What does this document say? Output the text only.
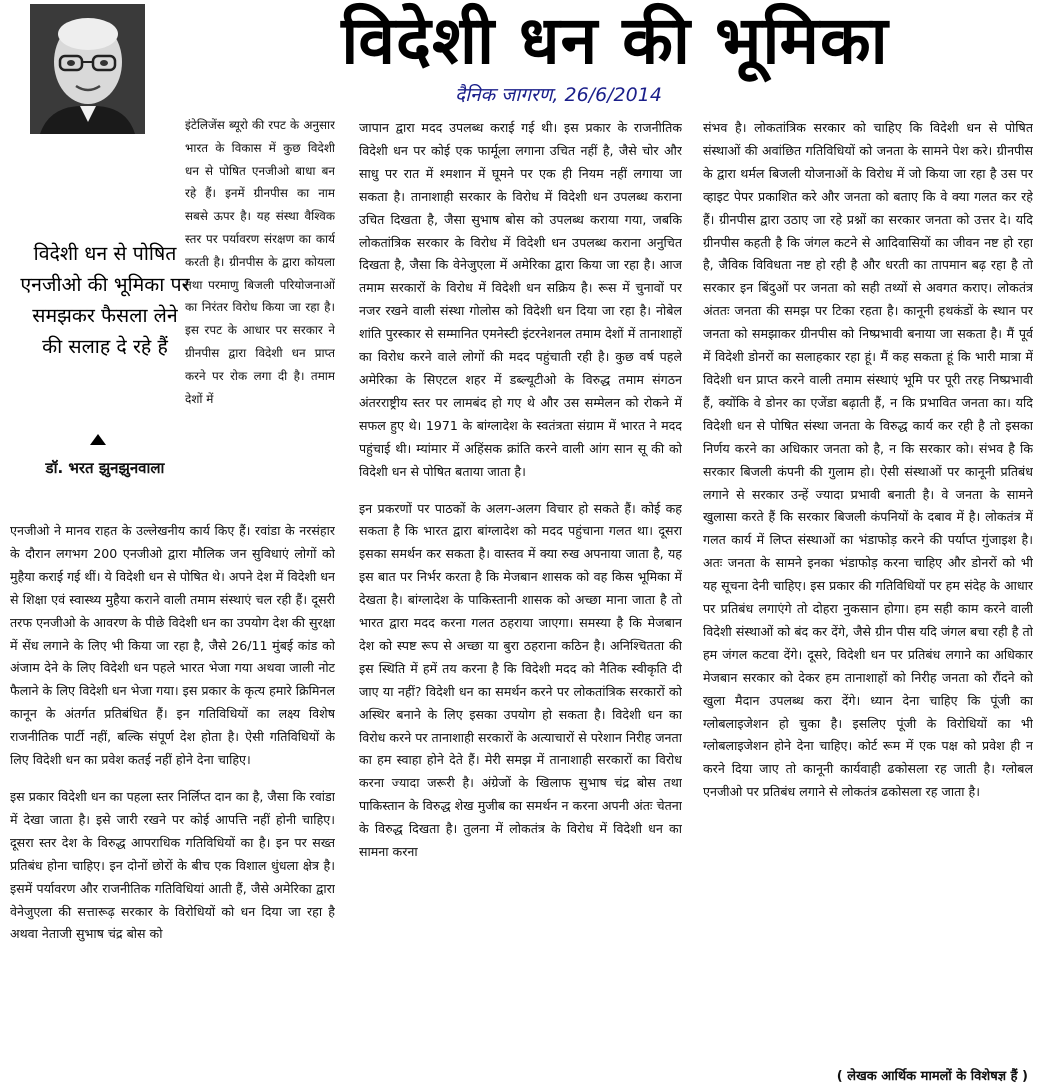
विदेशी धन की भूमिका
दैनिक जागरण, 26/6/2014
विदेशी धन से पोषित एनजीओ की भूमिका पर समझकर फैसला लेने की सलाह दे रहे हैं
डॉ. भरत झुनझुनवाला

इंटेलिजेंस ब्यूरो की रपट के अनुसार भारत के विकास में कुछ विदेशी धन से पोषित एनजीओ बाधा बन रहे हैं। इनमें ग्रीनपीस का नाम सबसे ऊपर है। यह संस्था वैश्विक स्तर पर पर्यावरण संरक्षण का कार्य करती है। ग्रीनपीस के द्वारा कोयला तथा परमाणु बिजली परियोजनाओं का निरंतर विरोध किया जा रहा है। इस रपट के आधार पर सरकार ने ग्रीनपीस द्वारा विदेशी धन प्राप्त करने पर रोक लगा दी है। तमाम देशों में

एनजीओ ने मानव राहत के उल्लेखनीय कार्य किए हैं। रवांडा के नरसंहार के दौरान लगभग 200 एनजीओ द्वारा मौलिक जन सुविधाएं लोगों को मुहैया कराई गई थीं। ये विदेशी धन से पोषित थे। अपने देश में विदेशी धन से शिक्षा एवं स्वास्थ्य मुहैया कराने वाली तमाम संस्थाएं चल रही हैं। दूसरी तरफ एनजीओ के आवरण के पीछे विदेशी धन का उपयोग देश की सुरक्षा में सेंध लगाने के लिए भी किया जा रहा है, जैसे 26/11 मुंबई कांड को अंजाम देने के लिए विदेशी धन पहले भारत भेजा गया अथवा जाली नोट फैलाने के लिए विदेशी धन भेजा गया। इस प्रकार के कृत्य हमारे क्रिमिनल कानून के अंतर्गत प्रतिबंधित हैं। इन गतिविधियों का लक्ष्य विशेष राजनीतिक पार्टी नहीं, बल्कि संपूर्ण देश होता है। ऐसी गतिविधियों के लिए विदेशी धन का प्रवेश कतई नहीं होने देना चाहिए।

इस प्रकार विदेशी धन का पहला स्तर निर्लिप्त दान का है, जैसा कि रवांडा में देखा जाता है। इसे जारी रखने पर कोई आपत्ति नहीं होनी चाहिए। दूसरा स्तर देश के विरुद्ध आपराधिक गतिविधियों का है। इन पर सख्त प्रतिबंध होना चाहिए। इन दोनों छोरों के बीच एक विशाल धुंधला क्षेत्र है। इसमें पर्यावरण और राजनीतिक गतिविधियां आती हैं, जैसे अमेरिका द्वारा वेनेजुएला की सत्तारूढ़ सरकार के विरोधियों को धन दिया जा रहा है अथवा नेताजी सुभाष चंद्र बोस को

जापान द्वारा मदद उपलब्ध कराई गई थी। इस प्रकार के राजनीतिक विदेशी धन पर कोई एक फार्मूला लगाना उचित नहीं है, जैसे चोर और साधु पर रात में श्मशान में घूमने पर एक ही नियम नहीं लगाया जा सकता है। तानाशाही सरकार के विरोध में विदेशी धन उपलब्ध कराना उचित दिखता है, जैसा सुभाष बोस को उपलब्ध कराया गया, जबकि लोकतांत्रिक सरकार के विरोध में विदेशी धन उपलब्ध कराना अनुचित दिखता है, जैसा कि वेनेजुएला में अमेरिका द्वारा किया जा रहा है। आज तमाम सरकारों के विरोध में विदेशी धन सक्रिय है। रूस में चुनावों पर नजर रखने वाली संस्था गोलोस को विदेशी धन दिया जा रहा है। नोबेल शांति पुरस्कार से सम्मानित एमनेस्टी इंटरनेशनल तमाम देशों में तानाशाहों का विरोध करने वाले लोगों की मदद पहुंचाती रही है। कुछ वर्ष पहले अमेरिका के सिएटल शहर में डब्ल्यूटीओ के विरुद्ध तमाम संगठन अंतरराष्ट्रीय स्तर पर लामबंद हो गए थे और उस सम्मेलन को रोकने में सफल हुए थे। 1971 के बांग्लादेश के स्वतंत्रता संग्राम में भारत ने मदद पहुंचाई थी। म्यांमार में अहिंसक क्रांति करने वाली आंग सान सू की को विदेशी धन से पोषित बताया जाता है।

इन प्रकरणों पर पाठकों के अलग-अलग विचार हो सकते हैं। कोई कह सकता है कि भारत द्वारा बांग्लादेश को मदद पहुंचाना गलत था। दूसरा इसका समर्थन कर सकता है। वास्तव में क्या रुख अपनाया जाता है, यह इस बात पर निर्भर करता है कि मेजबान शासक को वह किस भूमिका में देखता है। बांग्लादेश के पाकिस्तानी शासक को अच्छा माना जाता है तो भारत द्वारा मदद करना गलत ठहराया जाएगा। समस्या है कि मेजबान देश को स्पष्ट रूप से अच्छा या बुरा ठहराना कठिन है। अनिश्चितता की इस स्थिति में हमें तय करना है कि विदेशी मदद को नैतिक स्वीकृति दी जाए या नहीं? विदेशी धन का समर्थन करने पर लोकतांत्रिक सरकारों को अस्थिर बनाने के लिए इसका उपयोग हो सकता है। विदेशी धन का विरोध करने पर तानाशाही सरकारों के अत्याचारों से परेशान निरीह जनता का हम स्वाहा होने देते हैं। मेरी समझ में तानाशाही सरकारों का विरोध करना ज्यादा जरूरी है। अंग्रेजों के खिलाफ सुभाष चंद्र बोस तथा पाकिस्तान के विरुद्ध शेख मुजीब का समर्थन न करना अपनी अंतः चेतना के विरुद्ध दिखता है। तुलना में लोकतंत्र के विरोध में विदेशी धन का सामना करना

संभव है। लोकतांत्रिक सरकार को चाहिए कि विदेशी धन से पोषित संस्थाओं की अवांछित गतिविधियों को जनता के सामने पेश करे। ग्रीनपीस के द्वारा थर्मल बिजली योजनाओं के विरोध में जो किया जा रहा है उस पर व्हाइट पेपर प्रकाशित करे और जनता को बताए कि वे क्या गलत कर रहे हैं। ग्रीनपीस द्वारा उठाए जा रहे प्रश्नों का सरकार जनता को उत्तर दे। यदि ग्रीनपीस कहती है कि जंगल कटने से आदिवासियों का जीवन नष्ट हो रहा है, जैविक विविधता नष्ट हो रही है और धरती का तापमान बढ़ रहा है तो सरकार इन बिंदुओं पर जनता को सही तथ्यों से अवगत कराए। लोकतंत्र अंततः जनता की समझ पर टिका रहता है। कानूनी हथकंडों के स्थान पर जनता को समझाकर ग्रीनपीस को निष्प्रभावी बनाया जा सकता है। मैं पूर्व में विदेशी डोनरों का सलाहकार रहा हूं। मैं कह सकता हूं कि भारी मात्रा में विदेशी धन प्राप्त करने वाली तमाम संस्थाएं भूमि पर पूरी तरह निष्प्रभावी हैं, क्योंकि वे डोनर का एजेंडा बढ़ाती हैं, न कि प्रभावित जनता का। यदि विदेशी धन से पोषित संस्था जनता के विरुद्ध कार्य कर रही है तो इसका निर्णय करने का अधिकार जनता को है, न कि सरकार को। संभव है कि सरकार बिजली कंपनी की गुलाम हो। ऐसी संस्थाओं पर कानूनी प्रतिबंध लगाने से सरकार उन्हें ज्यादा प्रभावी बनाती है। वे जनता के सामने खुलासा करते हैं कि सरकार बिजली कंपनियों के दबाव में है। लोकतंत्र में गलत कार्य में लिप्त संस्थाओं का भंडाफोड़ करने की पर्याप्त गुंजाइश है। अतः जनता के सामने इनका भंडाफोड़ करना चाहिए और डोनरों को भी यह सूचना देनी चाहिए। इस प्रकार की गतिविधियों पर हम संदेह के आधार पर प्रतिबंध लगाएंगे तो दोहरा नुकसान होगा। हम सही काम करने वाली विदेशी संस्थाओं को बंद कर देंगे, जैसे ग्रीन पीस यदि जंगल बचा रही है तो हम जंगल कटवा देंगे। दूसरे, विदेशी धन पर प्रतिबंध लगाने का अधिकार मेजबान सरकार को देकर हम तानाशाहों को निरीह जनता को रौंदने को खुला मैदान उपलब्ध करा देंगे। ध्यान देना चाहिए कि पूंजी का ग्लोबलाइजेशन हो चुका है। इसलिए पूंजी के विरोधियों का भी ग्लोबलाइजेशन होने देना चाहिए। कोर्ट रूम में एक पक्ष को प्रवेश ही न करने दिया जाए तो कानूनी कार्यवाही ढकोसला रह जाती है। ग्लोबल एनजीओ पर प्रतिबंध लगाने से लोकतंत्र ढकोसला रह जाता है।

( लेखक आर्थिक मामलों के विशेषज्ञ हैं )
